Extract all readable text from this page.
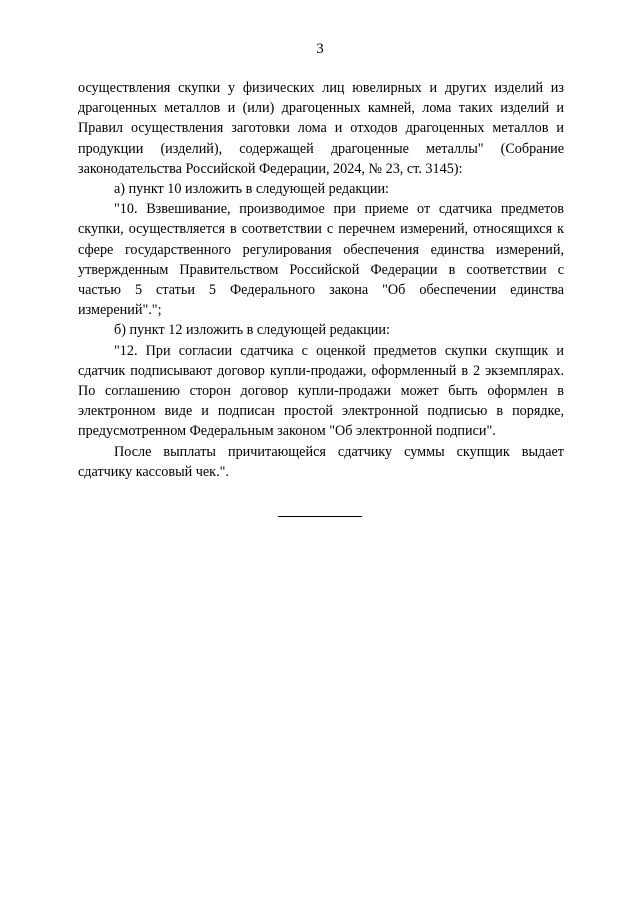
3

осуществления скупки у физических лиц ювелирных и других изделий из драгоценных металлов и (или) драгоценных камней, лома таких изделий и Правил осуществления заготовки лома и отходов драгоценных металлов и продукции (изделий), содержащей драгоценные металлы" (Собрание законодательства Российской Федерации, 2024, № 23, ст. 3145):

а) пункт 10 изложить в следующей редакции:

"10. Взвешивание, производимое при приеме от сдатчика предметов скупки, осуществляется в соответствии с перечнем измерений, относящихся к сфере государственного регулирования обеспечения единства измерений, утвержденным Правительством Российской Федерации в соответствии с частью 5 статьи 5 Федерального закона "Об обеспечении единства измерений".";

б) пункт 12 изложить в следующей редакции:

"12. При согласии сдатчика с оценкой предметов скупки скупщик и сдатчик подписывают договор купли-продажи, оформленный в 2 экземплярах. По соглашению сторон договор купли-продажи может быть оформлен в электронном виде и подписан простой электронной подписью в порядке, предусмотренном Федеральным законом "Об электронной подписи".

После выплаты причитающейся сдатчику суммы скупщик выдает сдатчику кассовый чек.".
